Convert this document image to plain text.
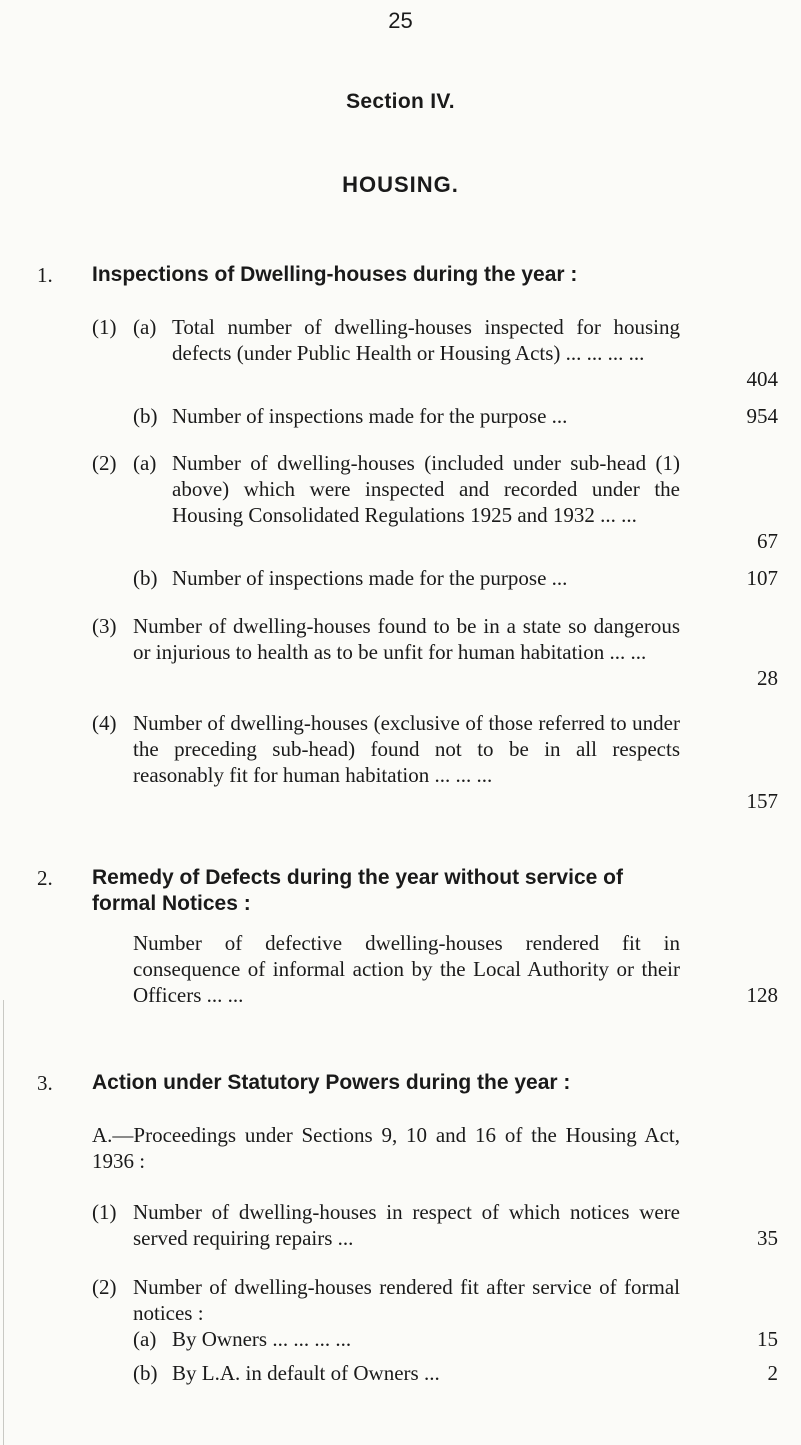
25
Section IV.
HOUSING.
1. Inspections of Dwelling-houses during the year :
(1) (a) Total number of dwelling-houses inspected for housing defects (under Public Health or Housing Acts) ... ... ... ...
404
(b) Number of inspections made for the purpose ...	954
(2) (a) Number of dwelling-houses (included under sub-head (1) above) which were inspected and recorded under the Housing Consolidated Regulations 1925 and 1932 ... ...
67
(b) Number of inspections made for the purpose ...	107
(3) Number of dwelling-houses found to be in a state so dangerous or injurious to health as to be unfit for human habitation ... ...
28
(4) Number of dwelling-houses (exclusive of those referred to under the preceding sub-head) found not to be in all respects reasonably fit for human habitation ... ... ...
157
2. Remedy of Defects during the year without service of formal Notices :
Number of defective dwelling-houses rendered fit in consequence of informal action by the Local Authority or their Officers ... ...	128
3. Action under Statutory Powers during the year :
A.—Proceedings under Sections 9, 10 and 16 of the Housing Act, 1936 :
(1) Number of dwelling-houses in respect of which notices were served requiring repairs ...	35
(2) Number of dwelling-houses rendered fit after service of formal notices :
(a) By Owners ... ... ... ...	15
(b) By L.A. in default of Owners ...	2
